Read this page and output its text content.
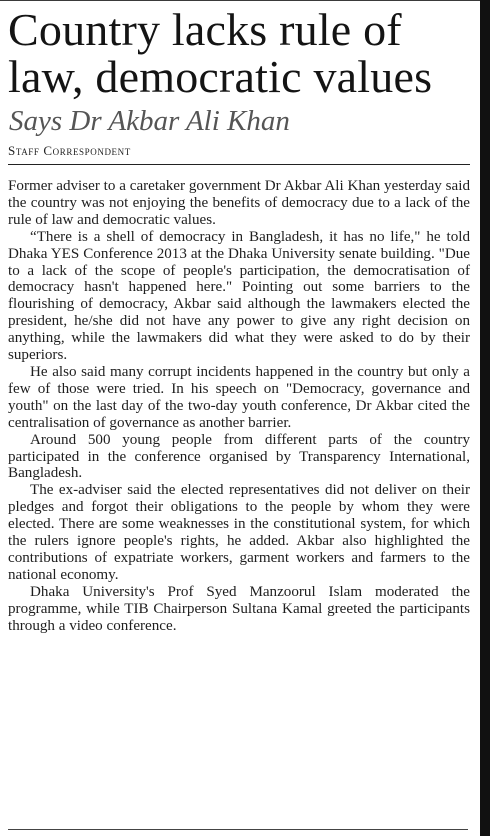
Country lacks rule of
law, democratic values
Says Dr Akbar Ali Khan
Staff Correspondent

Former adviser to a caretaker government Dr Akbar Ali Khan yesterday said the country was not enjoying the benefits of democracy due to a lack of the rule of law and democratic values.

“There is a shell of democracy in Bangladesh, it has no life," he told Dhaka YES Conference 2013 at the Dhaka University senate building. "Due to a lack of the scope of people's participation, the democratisation of democracy hasn't happened here." Pointing out some barriers to the flourishing of democracy, Akbar said although the lawmakers elected the president, he/she did not have any power to give any right decision on anything, while the lawmakers did what they were asked to do by their superiors.

He also said many corrupt incidents happened in the country but only a few of those were tried. In his speech on "Democracy, governance and youth" on the last day of the two-day youth conference, Dr Akbar cited the centralisation of governance as another barrier.

Around 500 young people from different parts of the country participated in the conference organised by Transparency International, Bangladesh.

The ex-adviser said the elected representatives did not deliver on their pledges and forgot their obligations to the people by whom they were elected. There are some weaknesses in the constitutional system, for which the rulers ignore people's rights, he added. Akbar also highlighted the contributions of expatriate workers, garment workers and farmers to the national economy.

Dhaka University's Prof Syed Manzoorul Islam moderated the programme, while TIB Chairperson Sultana Kamal greeted the participants through a video conference.
